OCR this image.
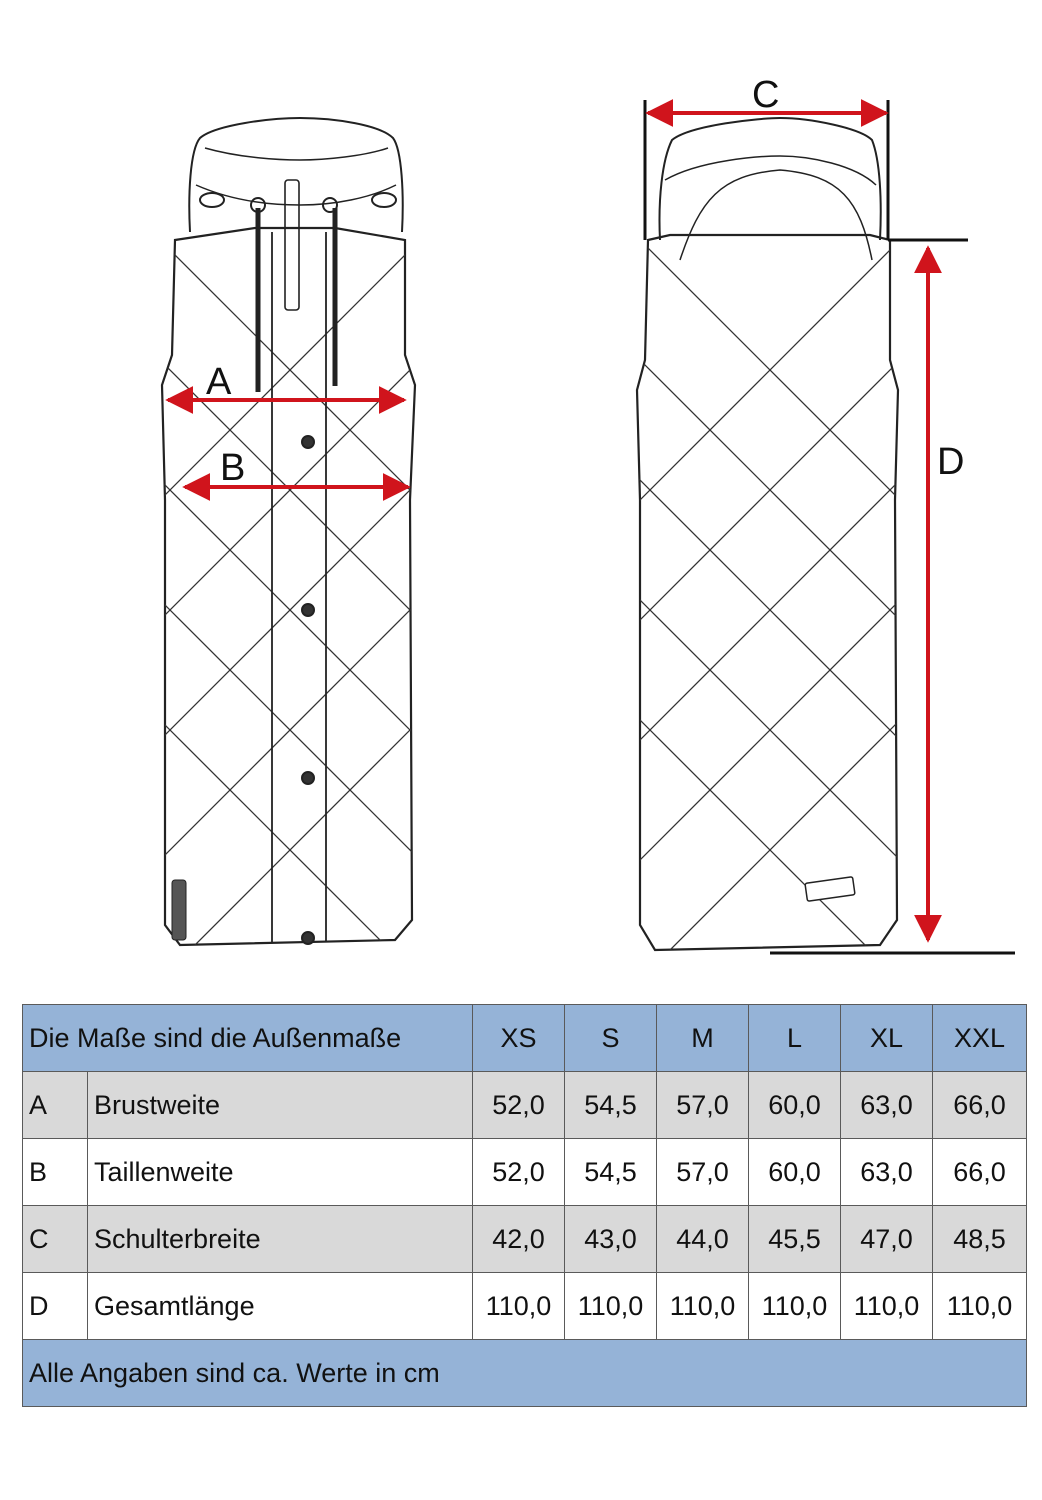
A
B
C
D
Die Maße sind die Außenmaße		XS	S	M	L	XL	XXL
A	Brustweite	52,0	54,5	57,0	60,0	63,0	66,0
B	Taillenweite	52,0	54,5	57,0	60,0	63,0	66,0
C	Schulterbreite	42,0	43,0	44,0	45,5	47,0	48,5
D	Gesamtlänge	110,0	110,0	110,0	110,0	110,0	110,0
Alle Angaben sind ca. Werte in cm							
